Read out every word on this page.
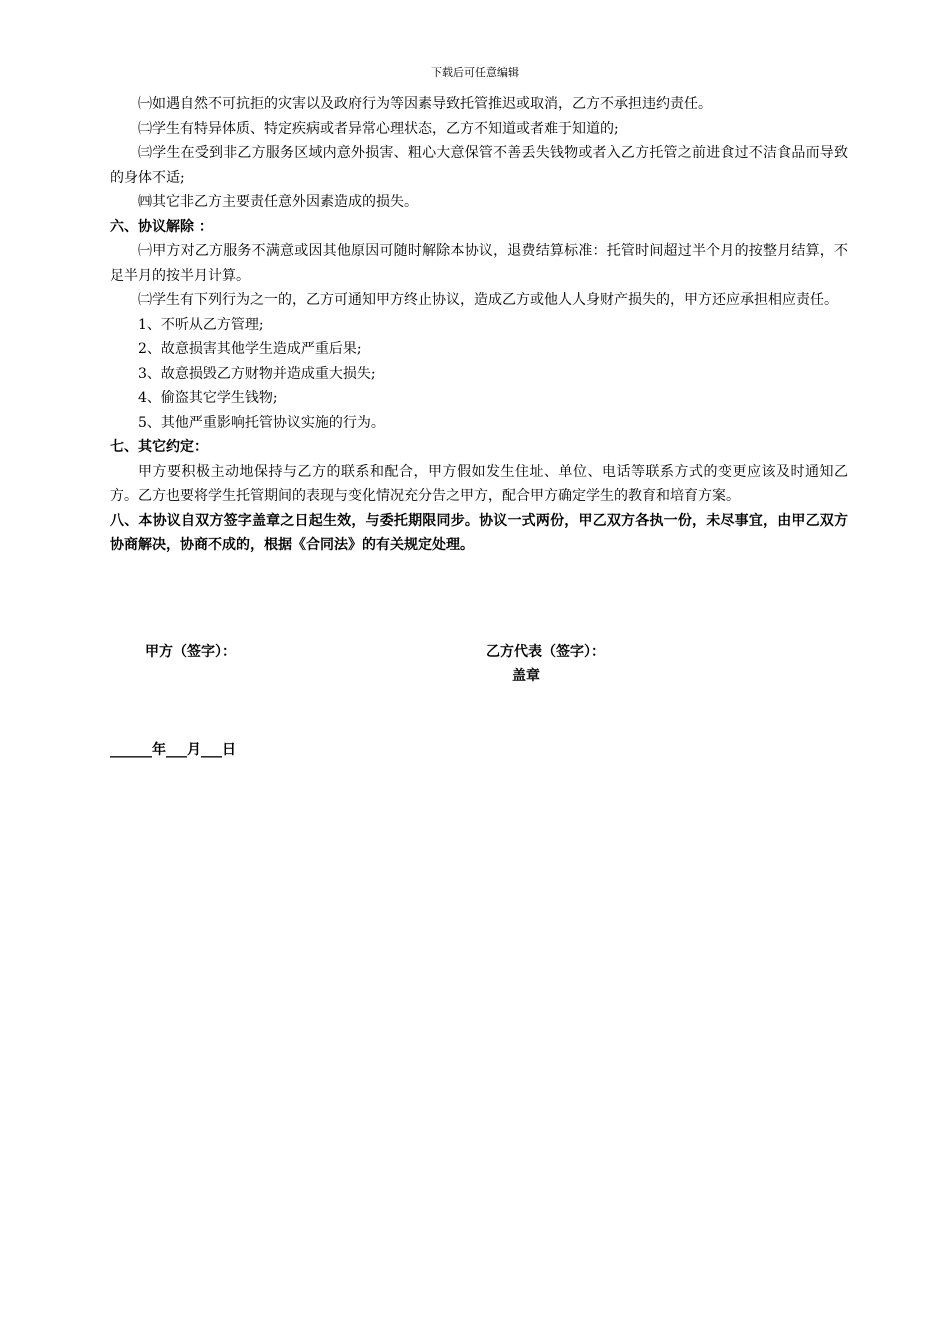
下载后可任意编辑

㈠如遇自然不可抗拒的灾害以及政府行为等因素导致托管推迟或取消，乙方不承担违约责任。

㈡学生有特异体质、特定疾病或者异常心理状态，乙方不知道或者难于知道的;

㈢学生在受到非乙方服务区域内意外损害、粗心大意保管不善丢失钱物或者入乙方托管之前进食过不洁食品而导致的身体不适;

㈣其它非乙方主要责任意外因素造成的损失。

六、协议解除 ：

㈠甲方对乙方服务不满意或因其他原因可随时解除本协议，退费结算标准：托管时间超过半个月的按整月结算，不足半月的按半月计算。

㈡学生有下列行为之一的，乙方可通知甲方终止协议，造成乙方或他人人身财产损失的，甲方还应承担相应责任。

1、不听从乙方管理;

2、故意损害其他学生造成严重后果;

3、故意损毁乙方财物并造成重大损失;

4、偷盗其它学生钱物;

5、其他严重影响托管协议实施的行为。

七、其它约定：

甲方要积极主动地保持与乙方的联系和配合，甲方假如发生住址、单位、电话等联系方式的变更应该及时通知乙方。乙方也要将学生托管期间的表现与变化情况充分告之甲方，配合甲方确定学生的教育和培育方案。

八、本协议自双方签字盖章之日起生效，与委托期限同步。协议一式两份，甲乙双方各执一份，未尽事宜，由甲乙双方协商解决，协商不成的，根据《合同法》的有关规定处理。

甲方（签字）：	乙方代表（签字）：
盖章
______年___月___日
